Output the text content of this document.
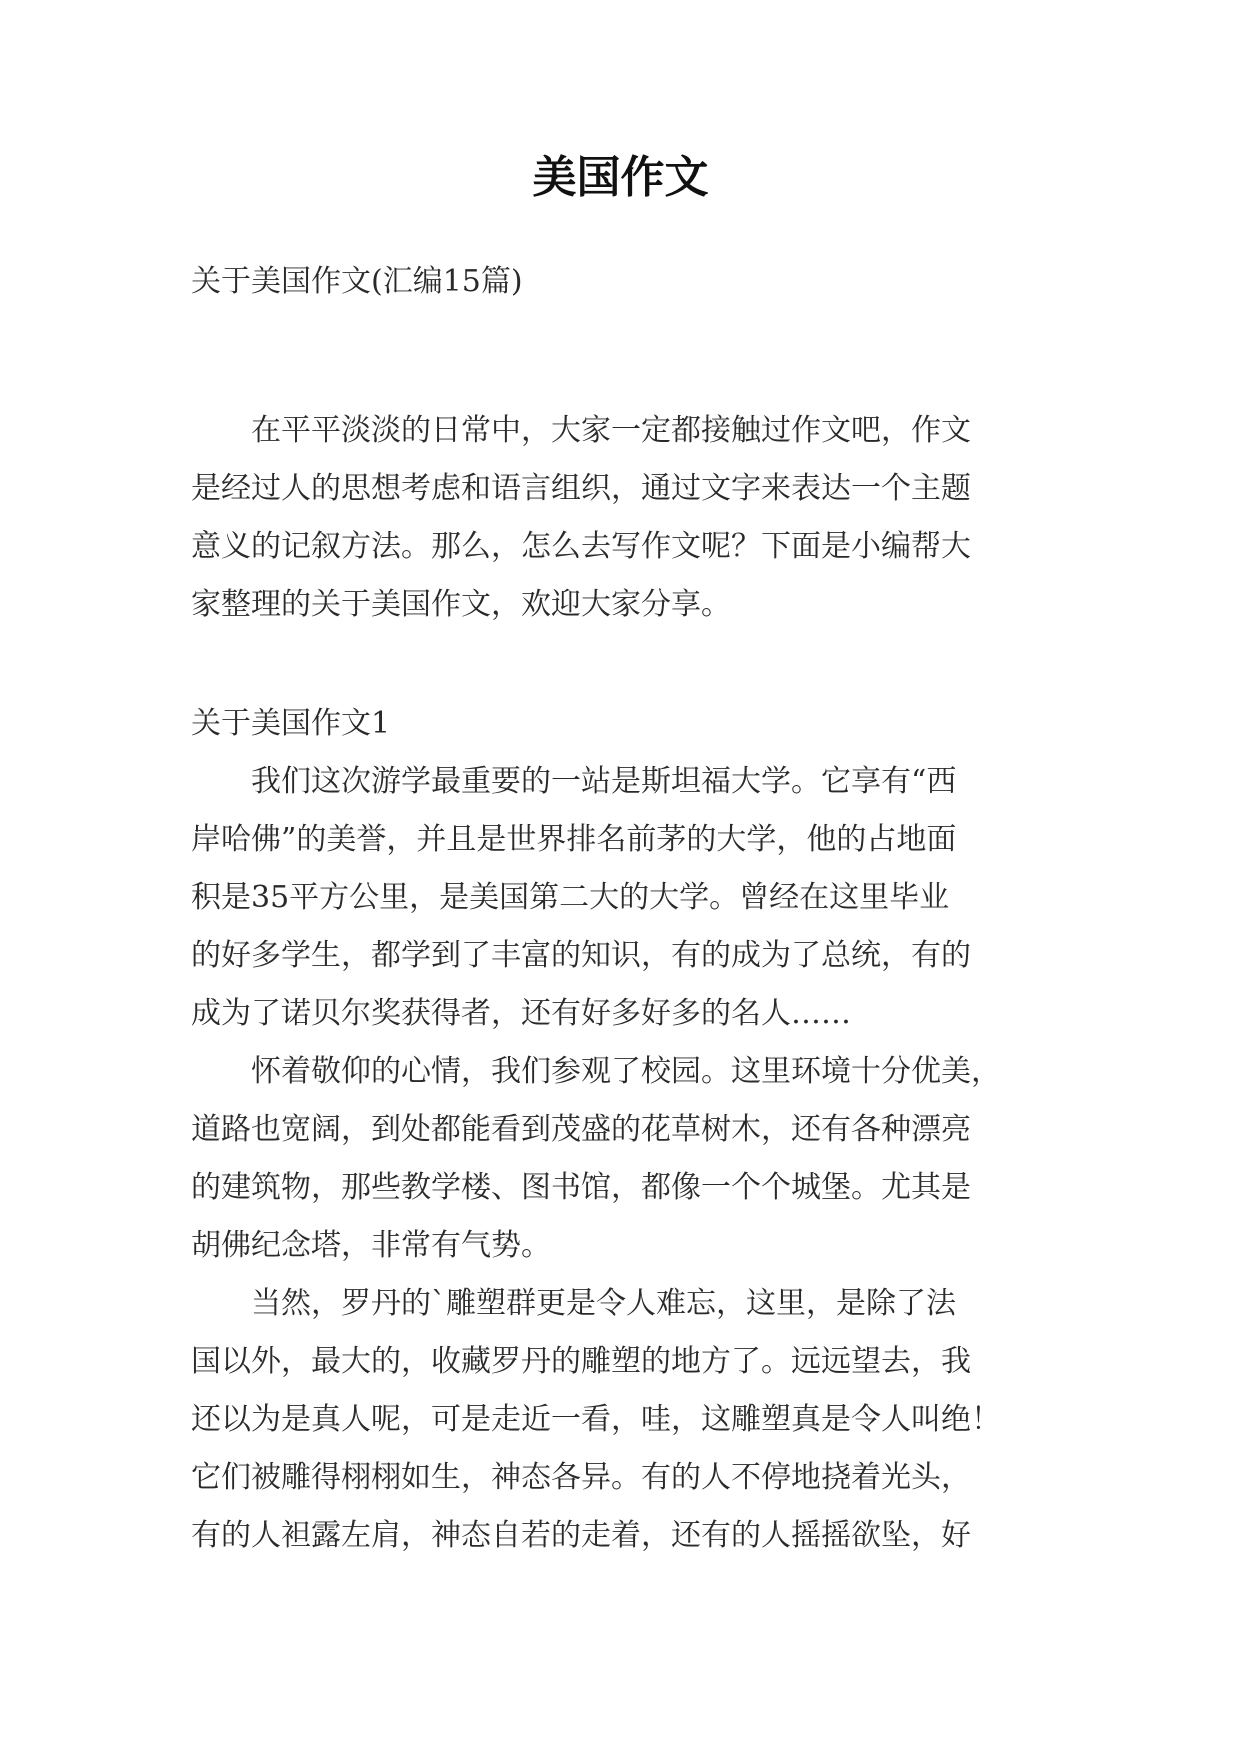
美国作文

关于美国作文(汇编15篇)

　　在平平淡淡的日常中，大家一定都接触过作文吧，作文

是经过人的思想考虑和语言组织，通过文字来表达一个主题

意义的记叙方法。那么，怎么去写作文呢？下面是小编帮大

家整理的关于美国作文，欢迎大家分享。

关于美国作文1

　　我们这次游学最重要的一站是斯坦福大学。它享有“西

岸哈佛”的美誉，并且是世界排名前茅的大学，他的占地面

积是35平方公里，是美国第二大的大学。曾经在这里毕业

的好多学生，都学到了丰富的知识，有的成为了总统，有的

成为了诺贝尔奖获得者，还有好多好多的名人……

　　怀着敬仰的心情，我们参观了校园。这里环境十分优美，

道路也宽阔，到处都能看到茂盛的花草树木，还有各种漂亮

的建筑物，那些教学楼、图书馆，都像一个个城堡。尤其是

胡佛纪念塔，非常有气势。

　　当然，罗丹的`雕塑群更是令人难忘，这里，是除了法

国以外，最大的，收藏罗丹的雕塑的地方了。远远望去，我

还以为是真人呢，可是走近一看，哇，这雕塑真是令人叫绝！

它们被雕得栩栩如生，神态各异。有的人不停地挠着光头，

有的人袒露左肩，神态自若的走着，还有的人摇摇欲坠，好
